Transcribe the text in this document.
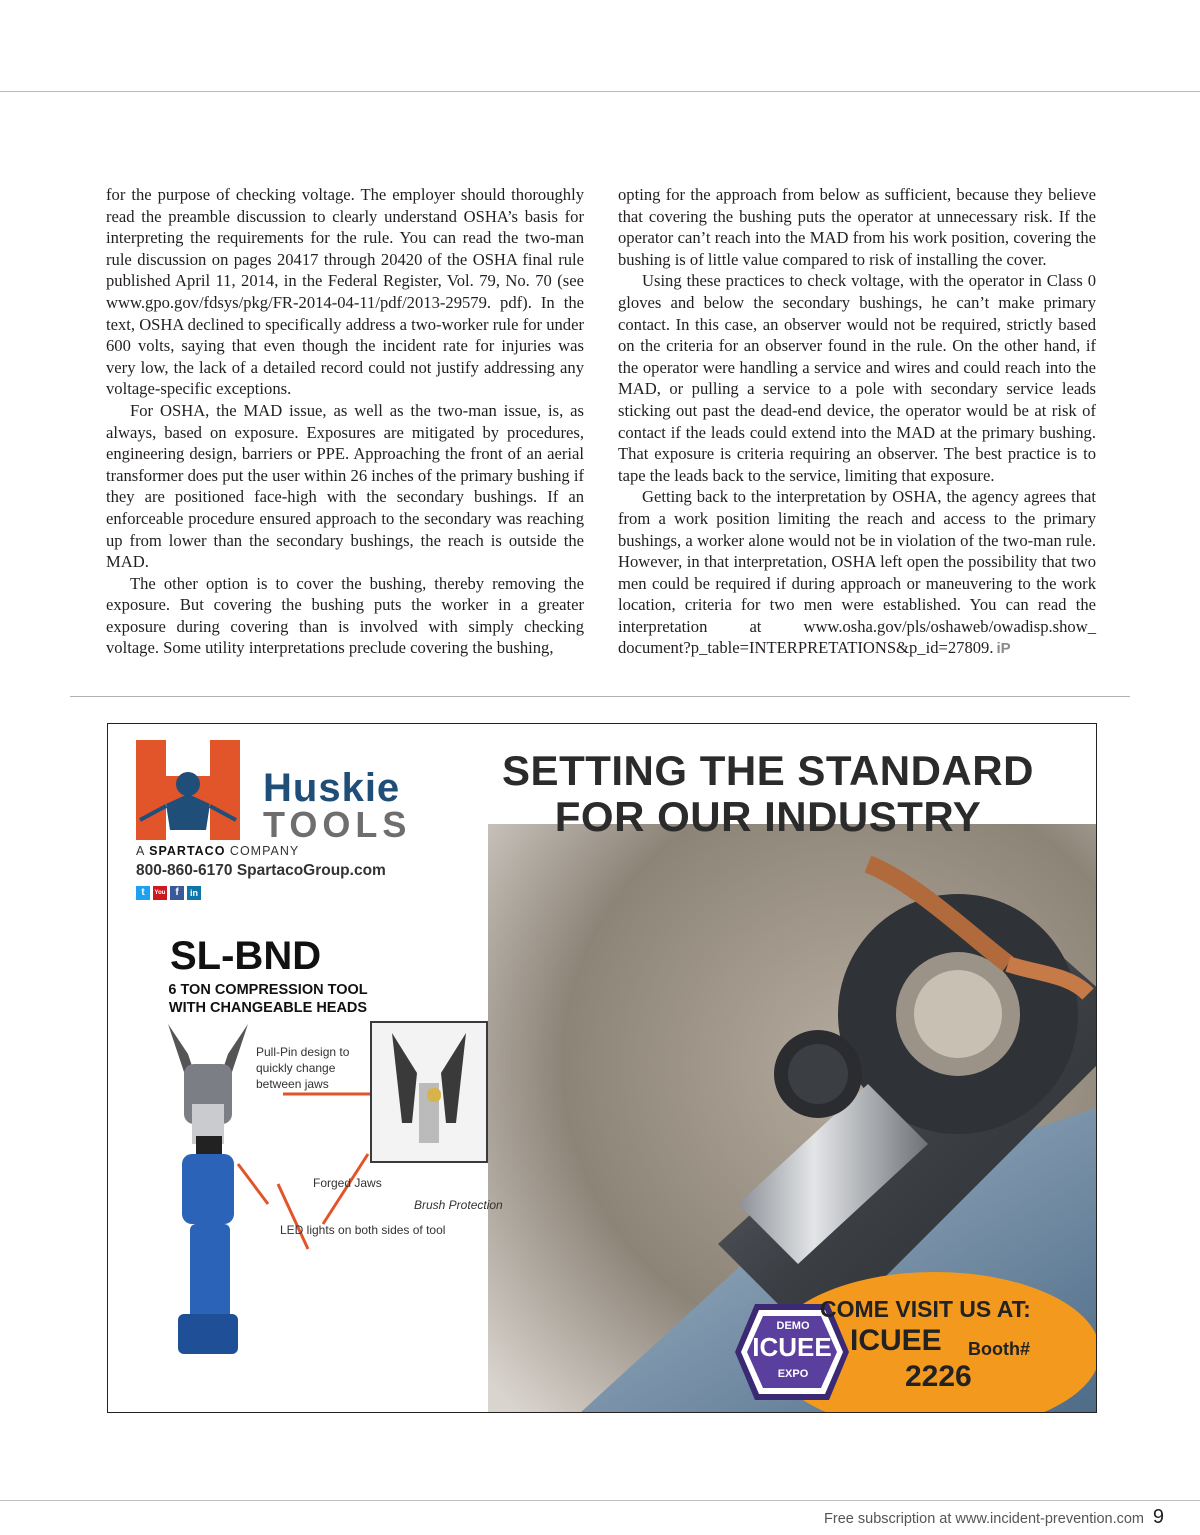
for the purpose of checking voltage. The employer should thoroughly read the preamble discussion to clearly understand OSHA’s basis for interpreting the requirements for the rule. You can read the two-man rule discussion on pages 20417 through 20420 of the OSHA final rule published April 11, 2014, in the Federal Register, Vol. 79, No. 70 (see www.gpo.gov/fdsys/pkg/FR-2014-04-11/pdf/2013-29579. pdf). In the text, OSHA declined to specifically address a two-worker rule for under 600 volts, saying that even though the incident rate for injuries was very low, the lack of a detailed record could not justify addressing any voltage-specific exceptions.

For OSHA, the MAD issue, as well as the two-man issue, is, as always, based on exposure. Exposures are mitigated by procedures, engineering design, barriers or PPE. Approaching the front of an aerial transformer does put the user within 26 inches of the primary bushing if they are positioned face-high with the secondary bushings. If an enforceable procedure ensured approach to the secondary was reaching up from lower than the secondary bushings, the reach is outside the MAD.

The other option is to cover the bushing, thereby removing the exposure. But covering the bushing puts the worker in a greater exposure during covering than is involved with simply checking voltage. Some utility interpretations preclude covering the bushing,

opting for the approach from below as sufficient, because they believe that covering the bushing puts the operator at unnecessary risk. If the operator can’t reach into the MAD from his work position, covering the bushing is of little value compared to risk of installing the cover.

Using these practices to check voltage, with the operator in Class 0 gloves and below the secondary bushings, he can’t make primary contact. In this case, an observer would not be required, strictly based on the criteria for an observer found in the rule. On the other hand, if the operator were handling a service and wires and could reach into the MAD, or pulling a service to a pole with secondary service leads sticking out past the dead-end device, the operator would be at risk of contact if the leads could extend into the MAD at the primary bushing. That exposure is criteria requiring an observer. The best practice is to tape the leads back to the service, limiting that exposure.

Getting back to the interpretation by OSHA, the agency agrees that from a work position limiting the reach and access to the primary bushings, a worker alone would not be in violation of the two-man rule. However, in that interpretation, OSHA left open the possibility that two men could be required if during approach or maneuvering to the work location, criteria for two men were established. You can read the interpretation at www.osha.gov/pls/oshaweb/owadisp.show_ document?p_table=INTERPRETATIONS&p_id=27809. iP

SETTING THE STANDARD
FOR OUR INDUSTRY
Huskie
TOOLS
A SPARTACO COMPANY
800-860-6170 SpartacoGroup.com
t	You f	in
SL-BND
6 TON COMPRESSION TOOL
WITH CHANGEABLE HEADS
Pull-Pin design to
quickly change
between jaws
Forged Jaws
Brush Protection
LED lights on both sides of tool
DEMO
ICUEE
EXPO
COME VISIT US AT:
ICUEE Booth#
2226
Free subscription at www.incident-prevention.com 9
